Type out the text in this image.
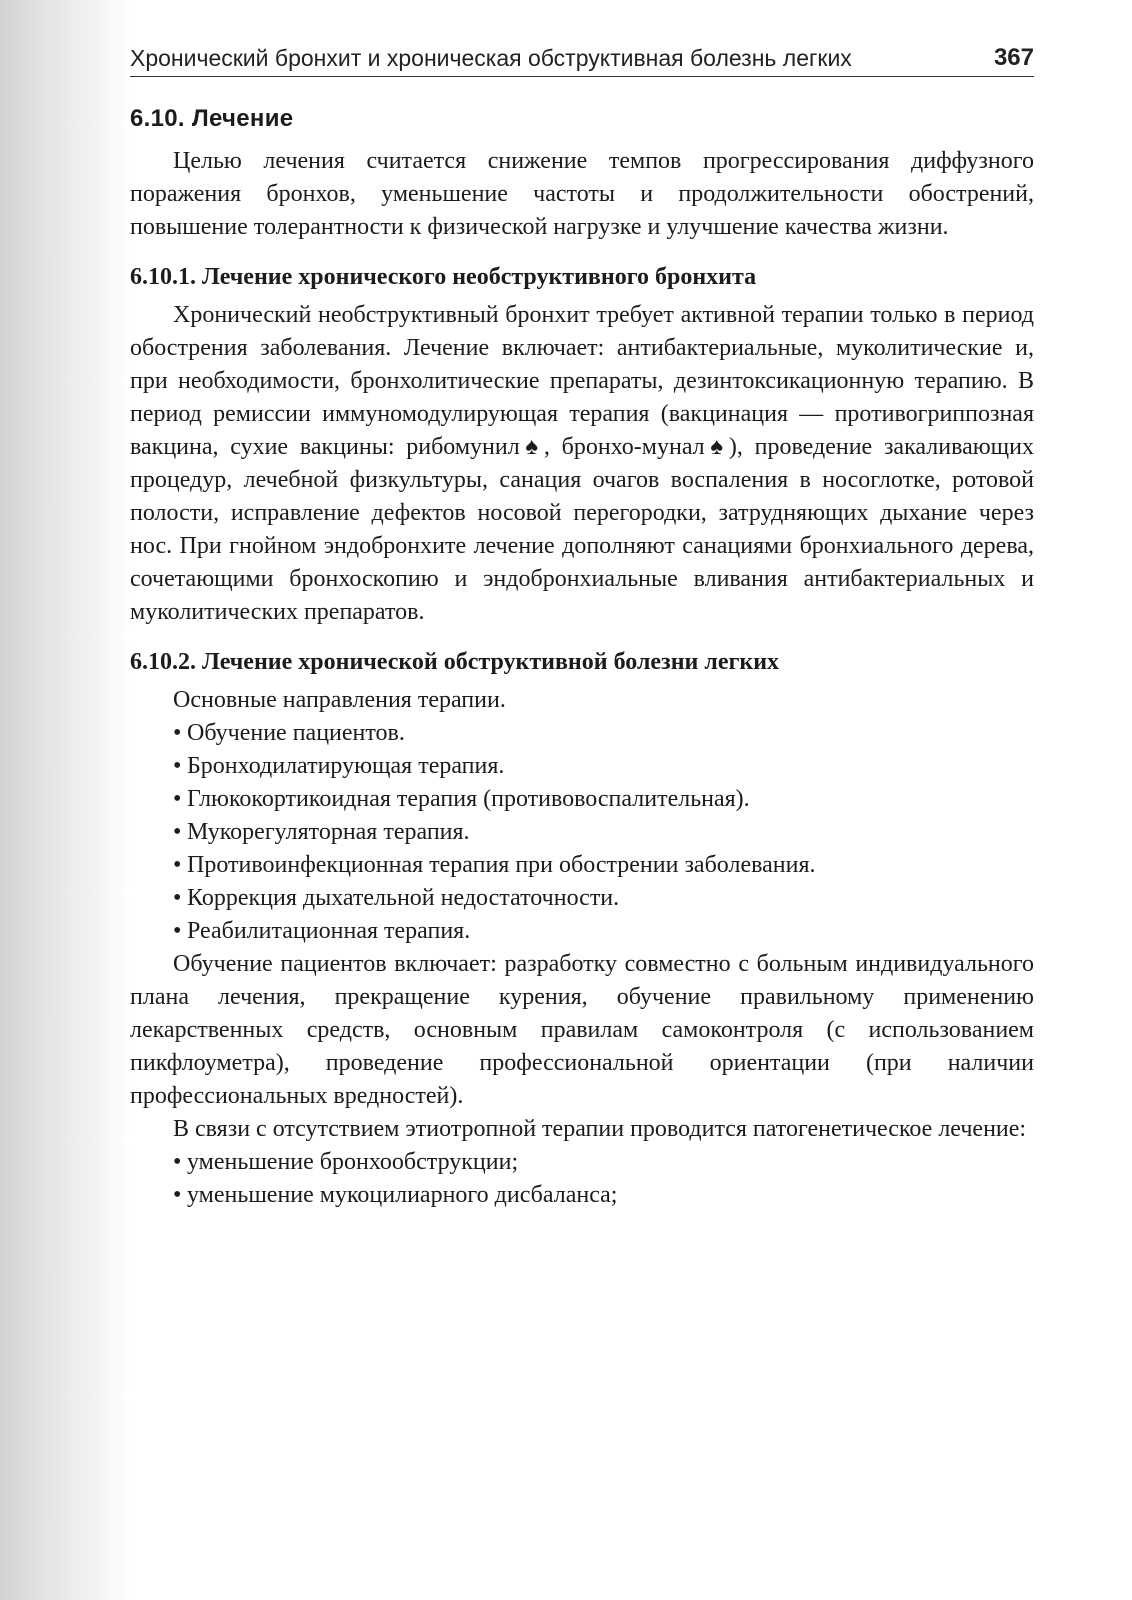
Хронический бронхит и хроническая обструктивная болезнь легких	367
6.10. Лечение

Целью лечения считается снижение темпов прогрессирования диффузного поражения бронхов, уменьшение частоты и продолжительности обострений, повышение толерантности к физической нагрузке и улучшение качества жизни.

6.10.1. Лечение хронического необструктивного бронхита

Хронический необструктивный бронхит требует активной терапии только в период обострения заболевания. Лечение включает: антибактериальные, муколитические и, при необходимости, бронхолитические препараты, дезинтоксикационную терапию. В период ремиссии иммуномодулирующая терапия (вакцинация — противогриппозная вакцина, сухие вакцины: рибомунил♠, бронхо-мунал♠), проведение закаливающих процедур, лечебной физкультуры, санация очагов воспаления в носоглотке, ротовой полости, исправление дефектов носовой перегородки, затрудняющих дыхание через нос. При гнойном эндобронхите лечение дополняют санациями бронхиального дерева, сочетающими бронхоскопию и эндобронхиальные вливания антибактериальных и муколитических препаратов.

6.10.2. Лечение хронической обструктивной болезни легких

Основные направления терапии.

• Обучение пациентов.
• Бронходилатирующая терапия.
• Глюкокортикоидная терапия (противовоспалительная).
• Мукорегуляторная терапия.
• Противоинфекционная терапия при обострении заболевания.
• Коррекция дыхательной недостаточности.
• Реабилитационная терапия.

Обучение пациентов включает: разработку совместно с больным индивидуального плана лечения, прекращение курения, обучение правильному применению лекарственных средств, основным правилам самоконтроля (с использованием пикфлоуметра), проведение профессиональной ориентации (при наличии профессиональных вредностей).

В связи с отсутствием этиотропной терапии проводится патогенетическое лечение:

• уменьшение бронхообструкции;
• уменьшение мукоцилиарного дисбаланса;
